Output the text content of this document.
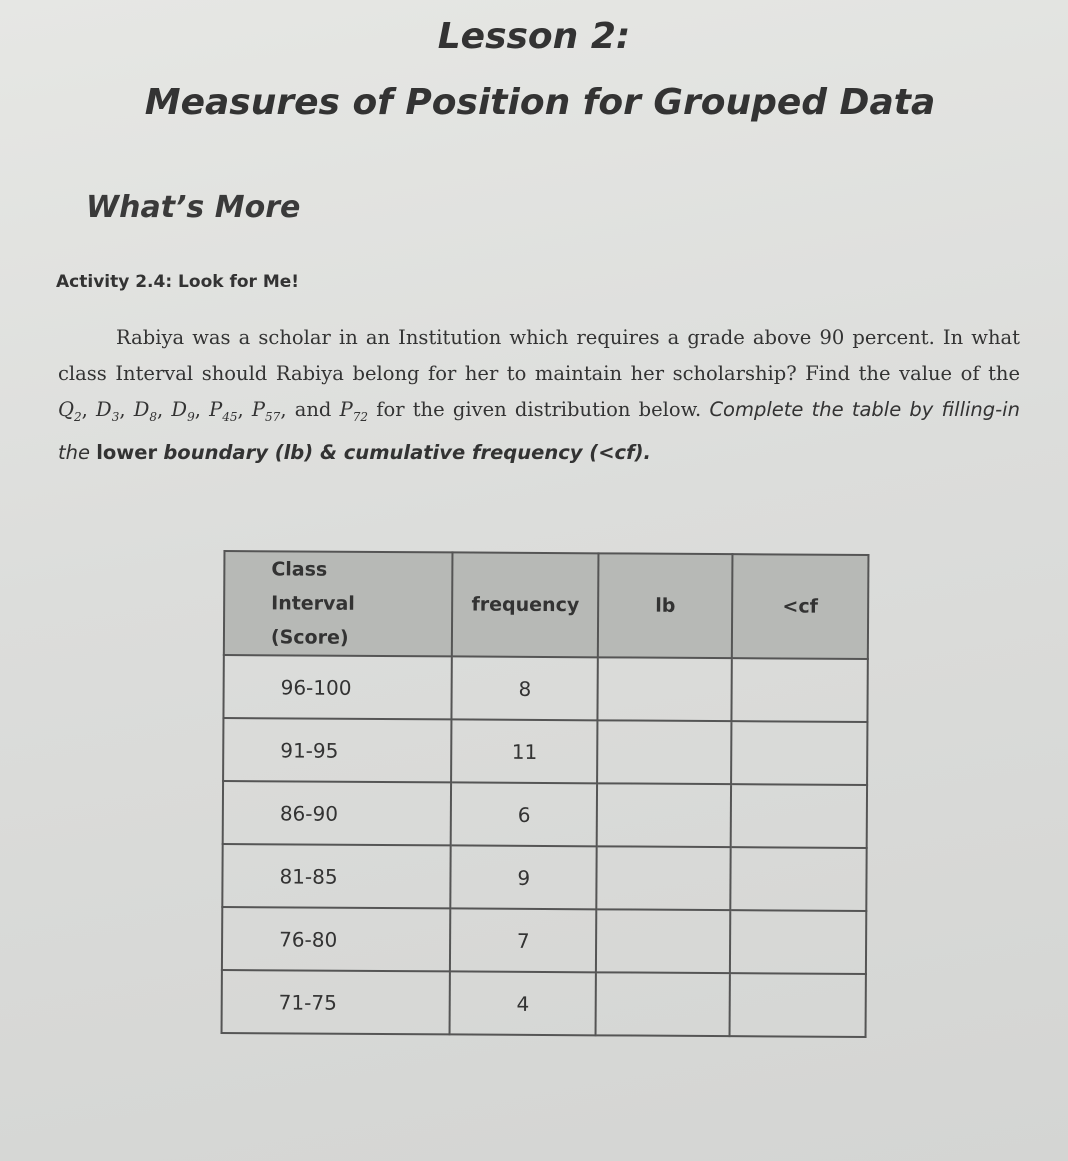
Lesson 2:
Measures of Position for Grouped Data
What’s More
Activity 2.4: Look for Me!
Rabiya was a scholar in an Institution which requires a grade above 90 percent. In what class Interval should Rabiya belong for her to maintain her scholarship? Find the value of the $Q_2$, $D_3$, $D_8$, $D_9$, $P_{45}$, $P_{57}$, and $P_{72}$ for the given distribution below. Complete the table by filling-in the lower boundary (lb) & cumulative frequency (<cf).
Class
Interval
(Score)	frequency	lb	<cf
96-100	8		
91-95	11		
86-90	6		
81-85	9		
76-80	7		
71-75	4		
